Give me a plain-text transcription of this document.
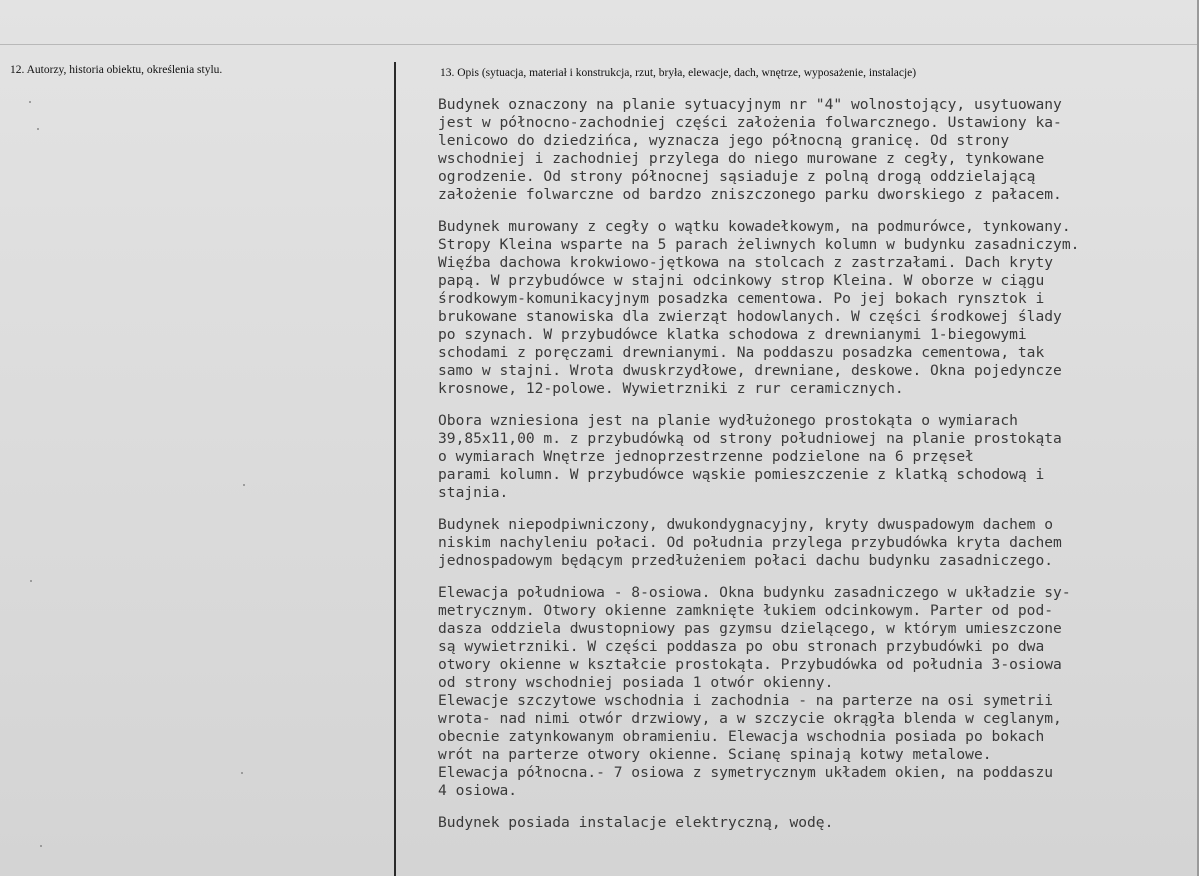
12. Autorzy, historia obiektu, określenia stylu.	13. Opis (sytuacja, materiał i konstrukcja, rzut, bryła, elewacje, dach, wnętrze, wyposażenie, instalacje)
Budynek oznaczony na planie sytuacyjnym nr "4" wolnostojący, usytuowany
jest w północno-zachodniej części założenia folwarcznego. Ustawiony ka-
lenicowo do dziedzińca, wyznacza jego północną granicę. Od strony
wschodniej i zachodniej przylega do niego murowane z cegły, tynkowane
ogrodzenie. Od strony północnej sąsiaduje z polną drogą oddzielającą
założenie folwarczne od bardzo zniszczonego parku dworskiego z pałacem.
Budynek murowany z cegły o wątku kowadełkowym, na podmurówce, tynkowany.
Stropy Kleina wsparte na 5 parach żeliwnych kolumn w budynku zasadniczym.
Więźba dachowa krokwiowo-jętkowa na stolcach z zastrzałami. Dach kryty
papą. W przybudówce w stajni odcinkowy strop Kleina. W oborze w ciągu
środkowym-komunikacyjnym posadzka cementowa. Po jej bokach rynsztok i
brukowane stanowiska dla zwierząt hodowlanych. W części środkowej ślady
po szynach. W przybudówce klatka schodowa z drewnianymi 1-biegowymi
schodami z poręczami drewnianymi. Na poddaszu posadzka cementowa, tak
samo w stajni. Wrota dwuskrzydłowe, drewniane, deskowe. Okna pojedyncze
krosnowe, 12-polowe. Wywietrzniki z rur ceramicznych.
Obora wzniesiona jest na planie wydłużonego prostokąta o wymiarach
39,85x11,00 m. z przybudówką od strony południowej na planie prostokąta
o wymiarach Wnętrze jednoprzestrzenne podzielone na 6 przęseł
parami kolumn. W przybudówce wąskie pomieszczenie z klatką schodową i
stajnia.
Budynek niepodpiwniczony, dwukondygnacyjny, kryty dwuspadowym dachem o
niskim nachyleniu połaci. Od południa przylega przybudówka kryta dachem
jednospadowym będącym przedłużeniem połaci dachu budynku zasadniczego.
Elewacja południowa - 8-osiowa. Okna budynku zasadniczego w układzie sy-
metrycznym. Otwory okienne zamknięte łukiem odcinkowym. Parter od pod-
dasza oddziela dwustopniowy pas gzymsu dzielącego, w którym umieszczone
są wywietrzniki. W części poddasza po obu stronach przybudówki po dwa
otwory okienne w kształcie prostokąta. Przybudówka od południa 3-osiowa
od strony wschodniej posiada 1 otwór okienny.
Elewacje szczytowe wschodnia i zachodnia - na parterze na osi symetrii
wrota- nad nimi otwór drzwiowy, a w szczycie okrągła blenda w ceglanym,
obecnie zatynkowanym obramieniu. Elewacja wschodnia posiada po bokach
wrót na parterze otwory okienne. Scianę spinają kotwy metalowe.
Elewacja północna.- 7 osiowa z symetrycznym układem okien, na poddaszu
4 osiowa.
Budynek posiada instalacje elektryczną, wodę.
